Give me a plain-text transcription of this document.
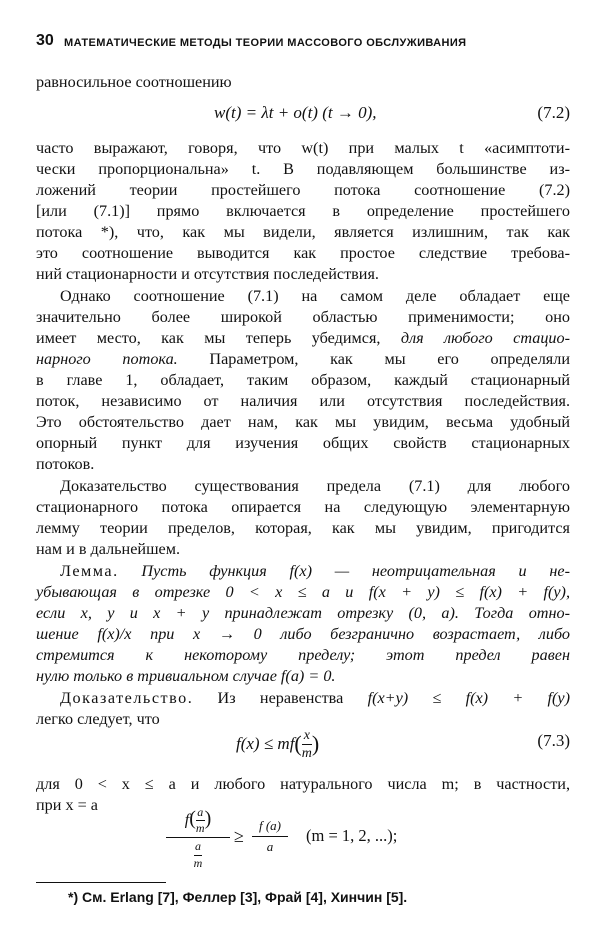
30 МАТЕМАТИЧЕСКИЕ МЕТОДЫ ТЕОРИИ МАССОВОГО ОБСЛУЖИВАНИЯ
равносильное соотношению
w(t) = λt + o(t) (t → 0),	(7.2)
часто выражают, говоря, что w(t) при малых t «асимптоти-
чески пропорциональна» t. В подавляющем большинстве из-
ложений теории простейшего потока соотношение (7.2)
[или (7.1)] прямо включается в определение простейшего
потока *), что, как мы видели, является излишним, так как
это соотношение выводится как простое следствие требова-
ний стационарности и отсутствия последействия.
Однако соотношение (7.1) на самом деле обладает еще
значительно более широкой областью применимости; оно
имеет место, как мы теперь убедимся, для любого стацио-
нарного потока. Параметром, как мы его определяли
в главе 1, обладает, таким образом, каждый стационарный
поток, независимо от наличия или отсутствия последействия.
Это обстоятельство дает нам, как мы увидим, весьма удобный
опорный пункт для изучения общих свойств стационарных
потоков.
Доказательство существования предела (7.1) для любого
стационарного потока опирается на следующую элементарную
лемму теории пределов, которая, как мы увидим, пригодится
нам и в дальнейшем.
Лемма. Пусть функция f(x) — неотрицательная и не-
убывающая в отрезке 0 < x ≤ a и f(x + y) ≤ f(x) + f(y),
если x, y и x + y принадлежат отрезку (0, a). Тогда отно-
шение f(x)/x при x → 0 либо безгранично возрастает, либо
стремится к некоторому пределу; этот предел равен
нулю только в тривиальном случае f(a) = 0.
Доказательство. Из неравенства f(x+y) ≤ f(x) + f(y)
легко следует, что
$f(x) \le mf( \frac{x}{m}$ )	(7.3)
для 0 < x ≤ a и любого натурального числа m; в частности,
при x = a
$f( \frac{a}{m}$ )
$\frac{a}{m}$
≥
f (a)
a
(m = 1, 2, ...);
*) См. Erlang [7], Феллер [3], Фрай [4], Хинчин [5].
